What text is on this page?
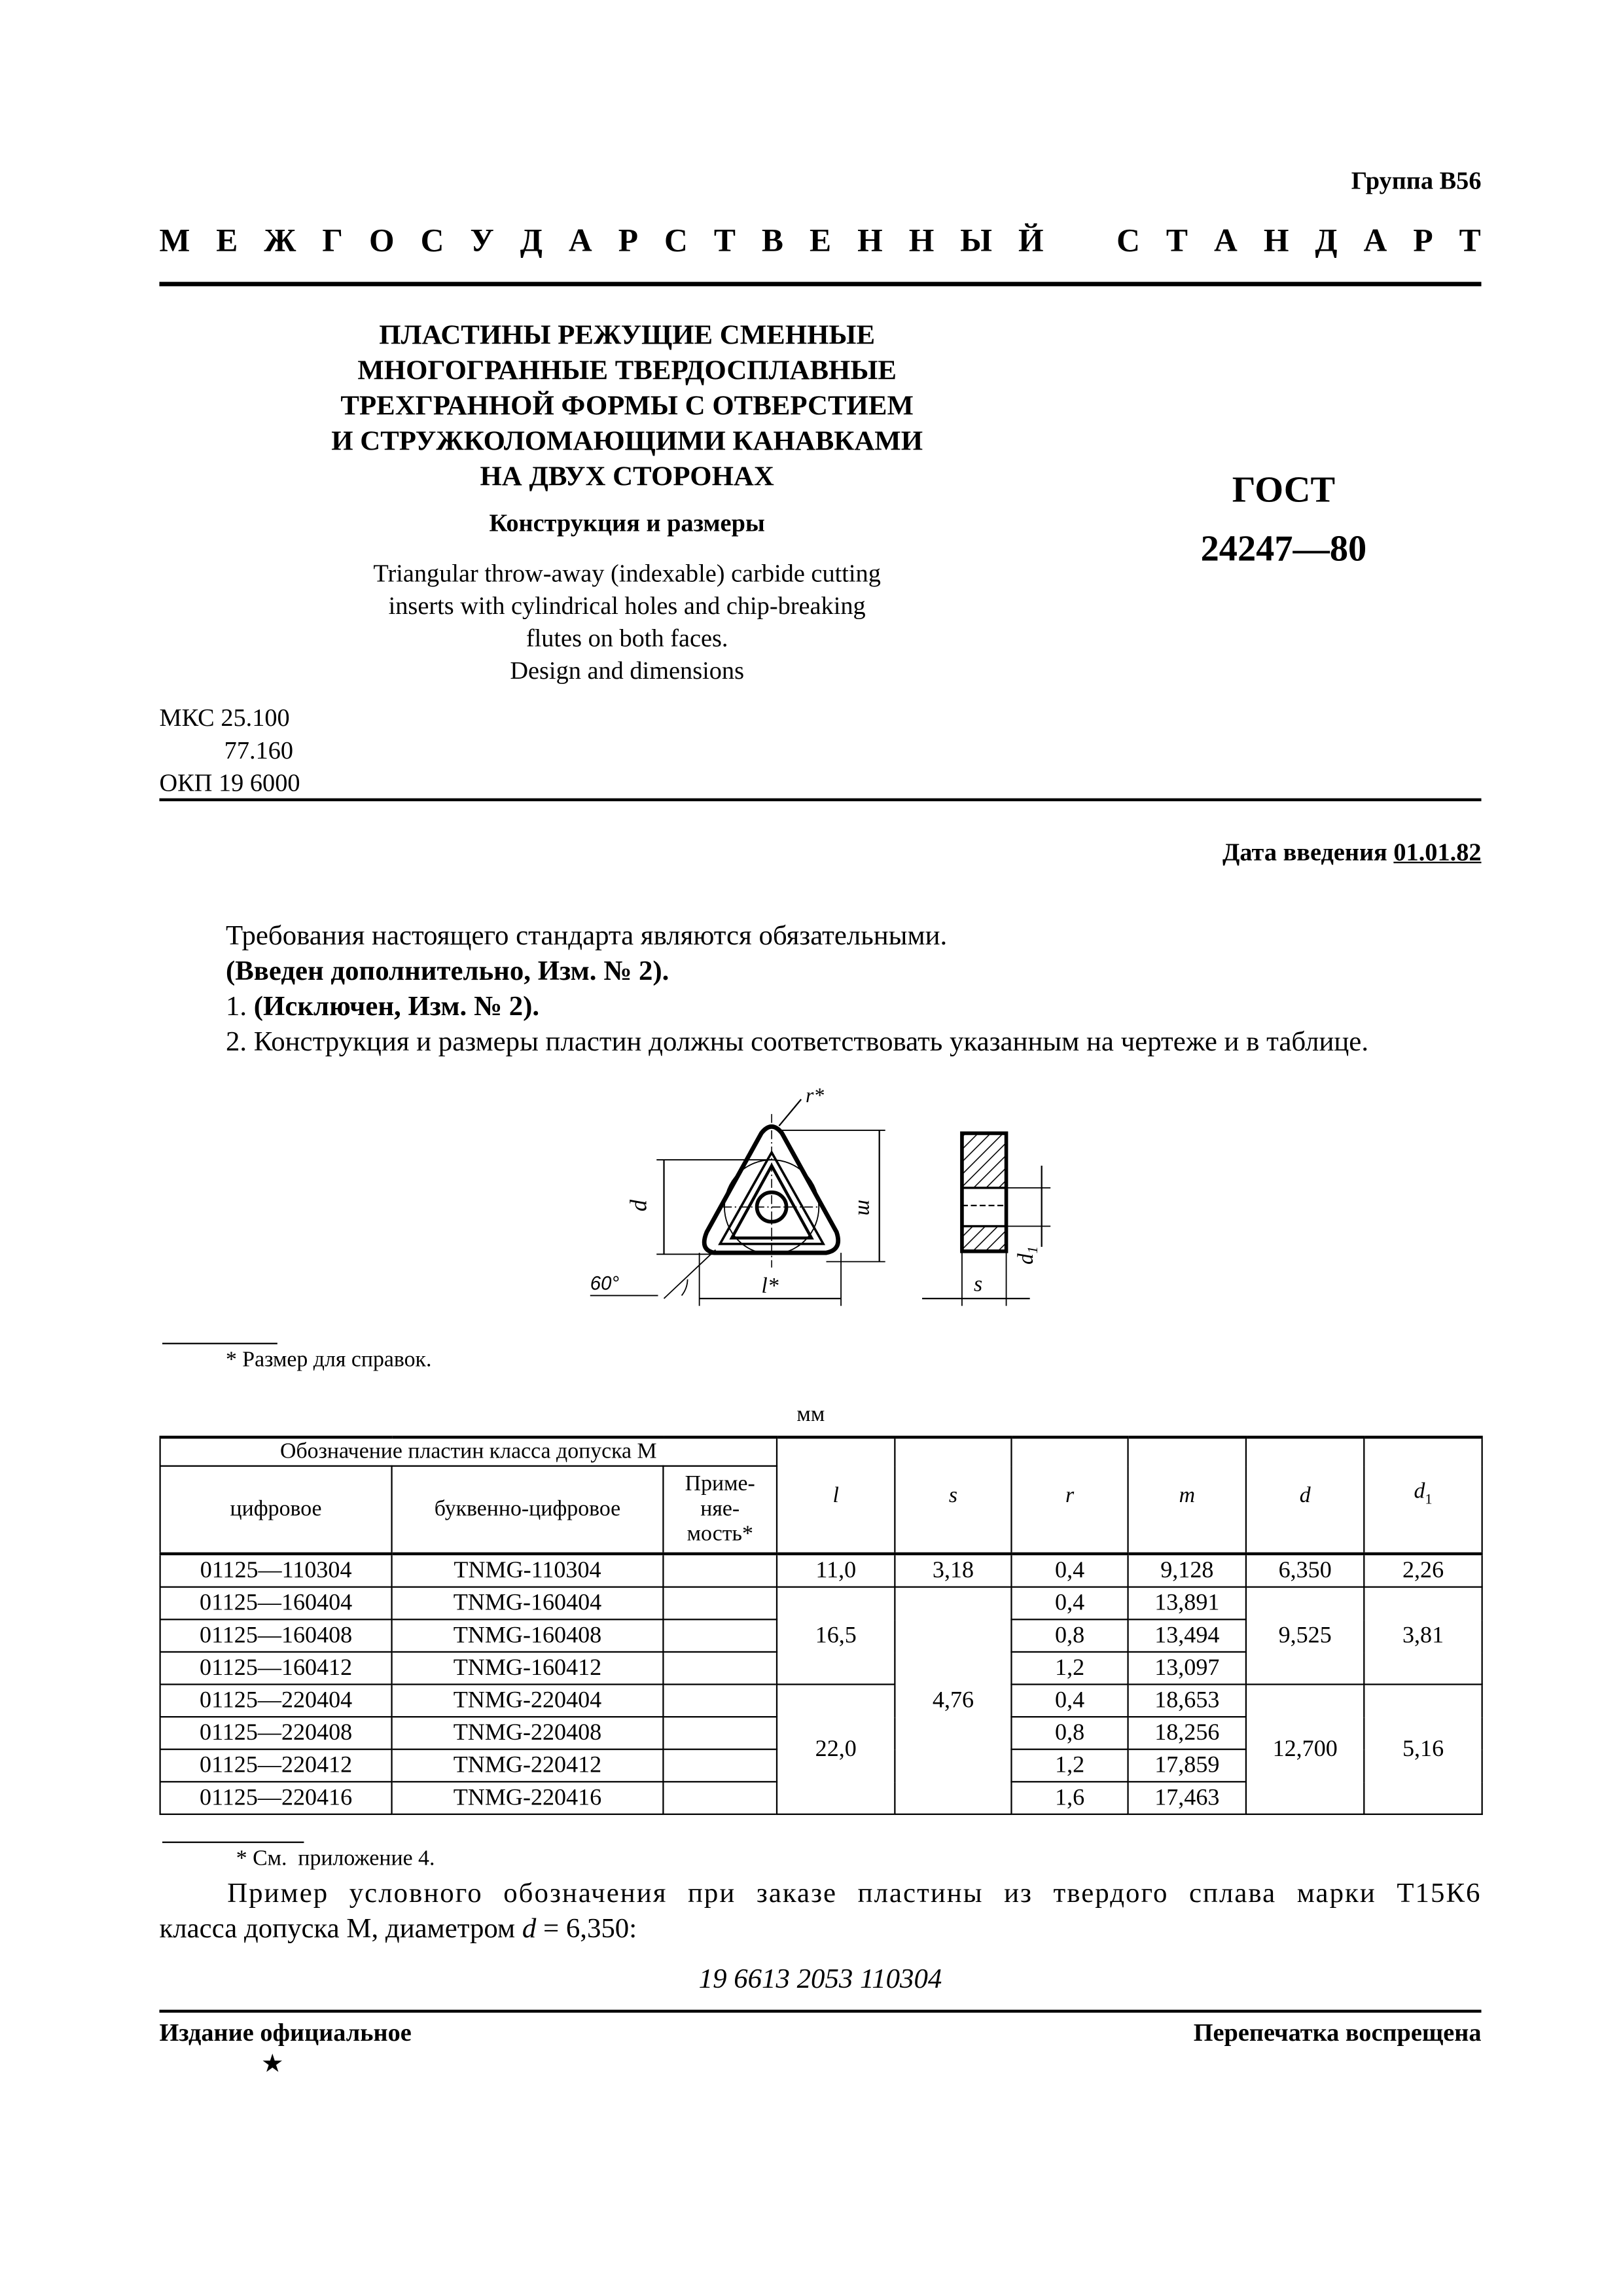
Группа В56
М Е Ж Г О С У Д А Р С Т В Е Н Н Ы Й	С Т А Н Д А Р Т
ПЛАСТИНЫ РЕЖУЩИЕ СМЕННЫЕ
МНОГОГРАННЫЕ ТВЕРДОСПЛАВНЫЕ
ТРЕХГРАННОЙ ФОРМЫ С ОТВЕРСТИЕМ
И СТРУЖКОЛОМАЮЩИМИ КАНАВКАМИ
НА ДВУХ СТОРОНАХ
Конструкция и размеры
Triangular throw-away (indexable) carbide cutting
inserts with cylindrical holes and chip-breaking
flutes on both faces.
Design and dimensions
ГОСТ
24247—80
МКС 25.100
77.160
ОКП 19 6000
Дата введения 01.01.82
Требования настоящего стандарта являются обязательными.
(Введен дополнительно, Изм. № 2).
1. (Исключен, Изм. № 2).
2. Конструкция и размеры пластин должны соответствовать указанным на чертеже и в таблице.
r*
m
d
60°	l*
$d_1$
s
* Размер для справок.
мм
Обозначение пластин класса допуска М			l	s	r	m	d	$d_1$
цифровое	буквенно-цифровое	Приме-
няе-
мость*						

01125—110304	TNMG-110304		11,0	3,18	0,4	9,128	6,350	2,26
01125—160404	TNMG-160404		16,5	4,76	0,4	13,891	9,525	3,81
01125—160408	TNMG-160408				0,8	13,494		
01125—160412	TNMG-160412				1,2	13,097		
01125—220404	TNMG-220404		22,0		0,4	18,653	12,700	5,16
01125—220408	TNMG-220408				0,8	18,256		
01125—220412	TNMG-220412				1,2	17,859		
01125—220416	TNMG-220416				1,6	17,463		
* См.  приложение 4.
Пример условного обозначения при заказе пластины из твердого сплава марки Т15К6
класса допуска М, диаметром d = 6,350:
19 6613 2053 110304
Издание официальное
★
Перепечатка воспрещена
